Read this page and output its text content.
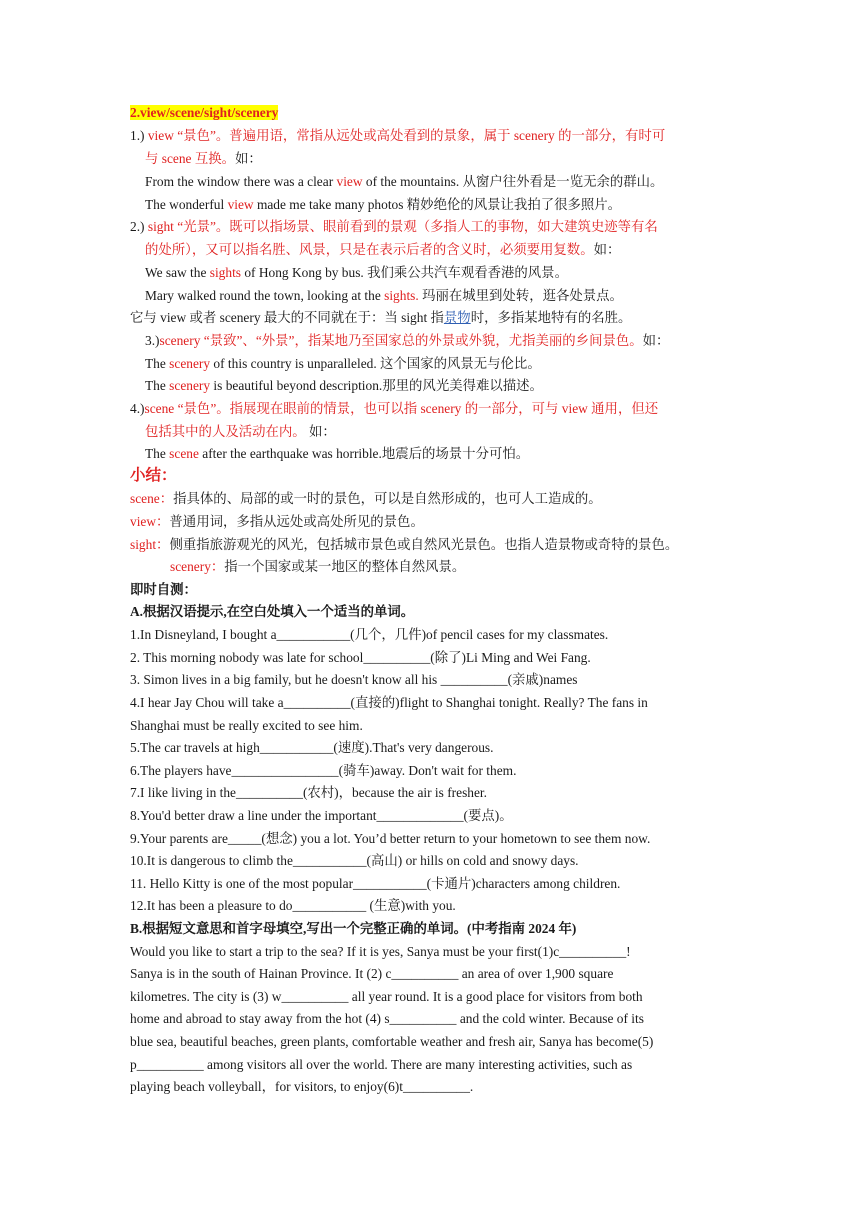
2.view/scene/sight/scenery
1.) view “景色”。普遍用语，常指从远处或高处看到的景象，属于 scenery 的一部分，有时可
与 scene 互换。如：
From the window there was a clear view of the mountains. 从窗户往外看是一览无余的群山。
The wonderful view made me take many photos 精妙绝伦的风景让我拍了很多照片。
2.) sight “光景”。既可以指场景、眼前看到的景观（多指人工的事物，如大建筑史迹等有名
的处所），又可以指名胜、风景，只是在表示后者的含义时，必须要用复数。如：
We saw the sights of Hong Kong by bus. 我们乘公共汽车观看香港的风景。
Mary walked round the town, looking at the sights. 玛丽在城里到处转，逛各处景点。
它与 view 或者 scenery 最大的不同就在于：当 sight 指景物时，多指某地特有的名胜。
3.)scenery “景致”、“外景”，指某地乃至国家总的外景或外貌，尤指美丽的乡间景色。如：
The scenery of this country is unparalleled. 这个国家的风景无与伦比。
The scenery is beautiful beyond description.那里的风光美得难以描述。
4.)scene “景色”。指展现在眼前的情景，也可以指 scenery 的一部分，可与 view 通用，但还
包括其中的人及活动在内。 如：
The scene after the earthquake was horrible.地震后的场景十分可怕。
小结：
scene：指具体的、局部的或一时的景色，可以是自然形成的，也可人工造成的。
view：普通用词，多指从远处或高处所见的景色。
sight：侧重指旅游观光的风光，包括城市景色或自然风光景色。也指人造景物或奇特的景色。
scenery：指一个国家或某一地区的整体自然风景。
即时自测：
A.根据汉语提示,在空白处填入一个适当的单词。
1.In Disneyland, I bought a___________(几个，几件)of pencil cases for my classmates.
2. This morning nobody was late for school__________(除了)Li Ming and Wei Fang.
3. Simon lives in a big family, but he doesn't know all his __________(亲戚)names
4.I hear Jay Chou will take a__________(直接的)flight to Shanghai tonight. Really? The fans in
Shanghai must be really excited to see him.
5.The car travels at high___________(速度).That's very dangerous.
6.The players have________________(骑车)away. Don't wait for them.
7.I like living in the__________(农村)，because the air is fresher.
8.You'd better draw a line under the important_____________(要点)。
9.Your parents are_____(想念) you a lot. You’d better return to your hometown to see them now.
10.It is dangerous to climb the___________(高山) or hills on cold and snowy days.
11. Hello Kitty is one of the most popular___________(卡通片)characters among children.
12.It has been a pleasure to do___________ (生意)with you.
B.根据短文意思和首字母填空,写出一个完整正确的单词。(中考指南 2024 年)
Would you like to start a trip to the sea? If it is yes, Sanya must be your first(1)c__________!
Sanya is in the south of Hainan Province. It (2) c__________ an area of over 1,900 square
kilometres. The city is (3) w__________ all year round. It is a good place for visitors from both
home and abroad to stay away from the hot (4) s__________ and the cold winter. Because of its
blue sea, beautiful beaches, green plants, comfortable weather and fresh air, Sanya has become(5)
p__________ among visitors all over the world. There are many interesting activities, such as
playing beach volleyball，for visitors, to enjoy(6)t__________.
